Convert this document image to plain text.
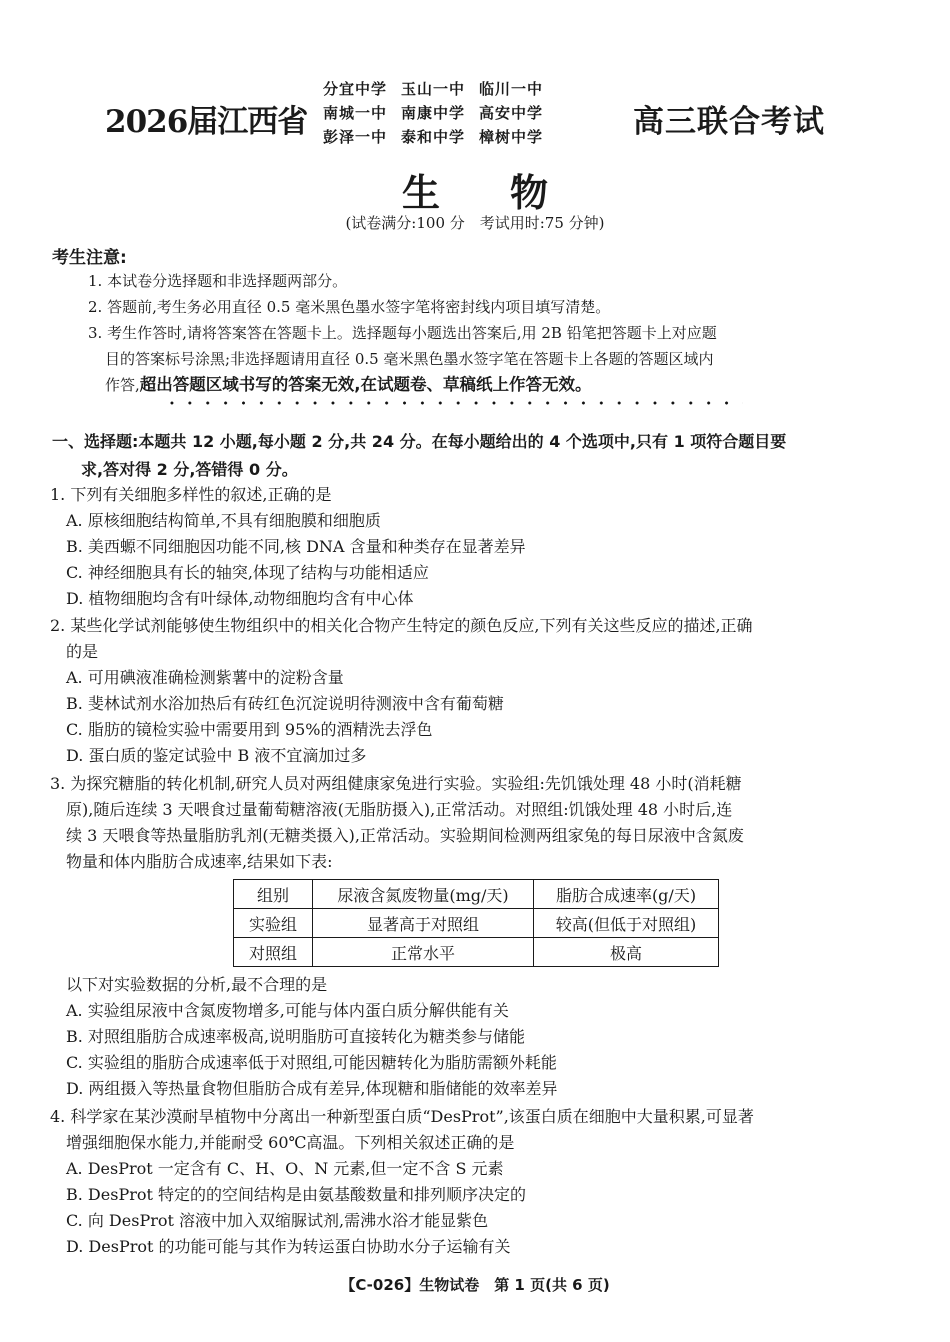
2026届江西省
分宜中学 玉山一中 临川一中
南城一中 南康中学 高安中学
彭泽一中 泰和中学 樟树中学	高三联合考试
生物
(试卷满分:100 分　考试用时:75 分钟)
考生注意:
1. 本试卷分选择题和非选择题两部分。
2. 答题前,考生务必用直径 0.5 毫米黑色墨水签字笔将密封线内项目填写清楚。
3. 考生作答时,请将答案答在答题卡上。选择题每小题选出答案后,用 2B 铅笔把答题卡上对应题
目的答案标号涂黑;非选择题请用直径 0.5 毫米黑色墨水签字笔在答题卡上各题的答题区域内
作答,超出答题区域书写的答案无效,在试题卷、草稿纸上作答无效。
一、选择题:本题共 12 小题,每小题 2 分,共 24 分。在每小题给出的 4 个选项中,只有 1 项符合题目要
求,答对得 2 分,答错得 0 分。
1. 下列有关细胞多样性的叙述,正确的是
A. 原核细胞结构简单,不具有细胞膜和细胞质
B. 美西螈不同细胞因功能不同,核 DNA 含量和种类存在显著差异
C. 神经细胞具有长的轴突,体现了结构与功能相适应
D. 植物细胞均含有叶绿体,动物细胞均含有中心体
2. 某些化学试剂能够使生物组织中的相关化合物产生特定的颜色反应,下列有关这些反应的描述,正确
的是
A. 可用碘液准确检测紫薯中的淀粉含量
B. 斐林试剂水浴加热后有砖红色沉淀说明待测液中含有葡萄糖
C. 脂肪的镜检实验中需要用到 95%的酒精洗去浮色
D. 蛋白质的鉴定试验中 B 液不宜滴加过多
3. 为探究糖脂的转化机制,研究人员对两组健康家兔进行实验。实验组:先饥饿处理 48 小时(消耗糖
原),随后连续 3 天喂食过量葡萄糖溶液(无脂肪摄入),正常活动。对照组:饥饿处理 48 小时后,连
续 3 天喂食等热量脂肪乳剂(无糖类摄入),正常活动。实验期间检测两组家兔的每日尿液中含氮废
物量和体内脂肪合成速率,结果如下表:
组别	尿液含氮废物量(mg/天)	脂肪合成速率(g/天)
实验组	显著高于对照组	较高(但低于对照组)
对照组	正常水平	极高
以下对实验数据的分析,最不合理的是
A. 实验组尿液中含氮废物增多,可能与体内蛋白质分解供能有关
B. 对照组脂肪合成速率极高,说明脂肪可直接转化为糖类参与储能
C. 实验组的脂肪合成速率低于对照组,可能因糖转化为脂肪需额外耗能
D. 两组摄入等热量食物但脂肪合成有差异,体现糖和脂储能的效率差异
4. 科学家在某沙漠耐旱植物中分离出一种新型蛋白质“DesProt”,该蛋白质在细胞中大量积累,可显著
增强细胞保水能力,并能耐受 60℃高温。下列相关叙述正确的是
A. DesProt 一定含有 C、H、O、N 元素,但一定不含 S 元素
B. DesProt 特定的的空间结构是由氨基酸数量和排列顺序决定的
C. 向 DesProt 溶液中加入双缩脲试剂,需沸水浴才能显紫色
D. DesProt 的功能可能与其作为转运蛋白协助水分子运输有关
【C-026】生物试卷　第 1 页(共 6 页)
